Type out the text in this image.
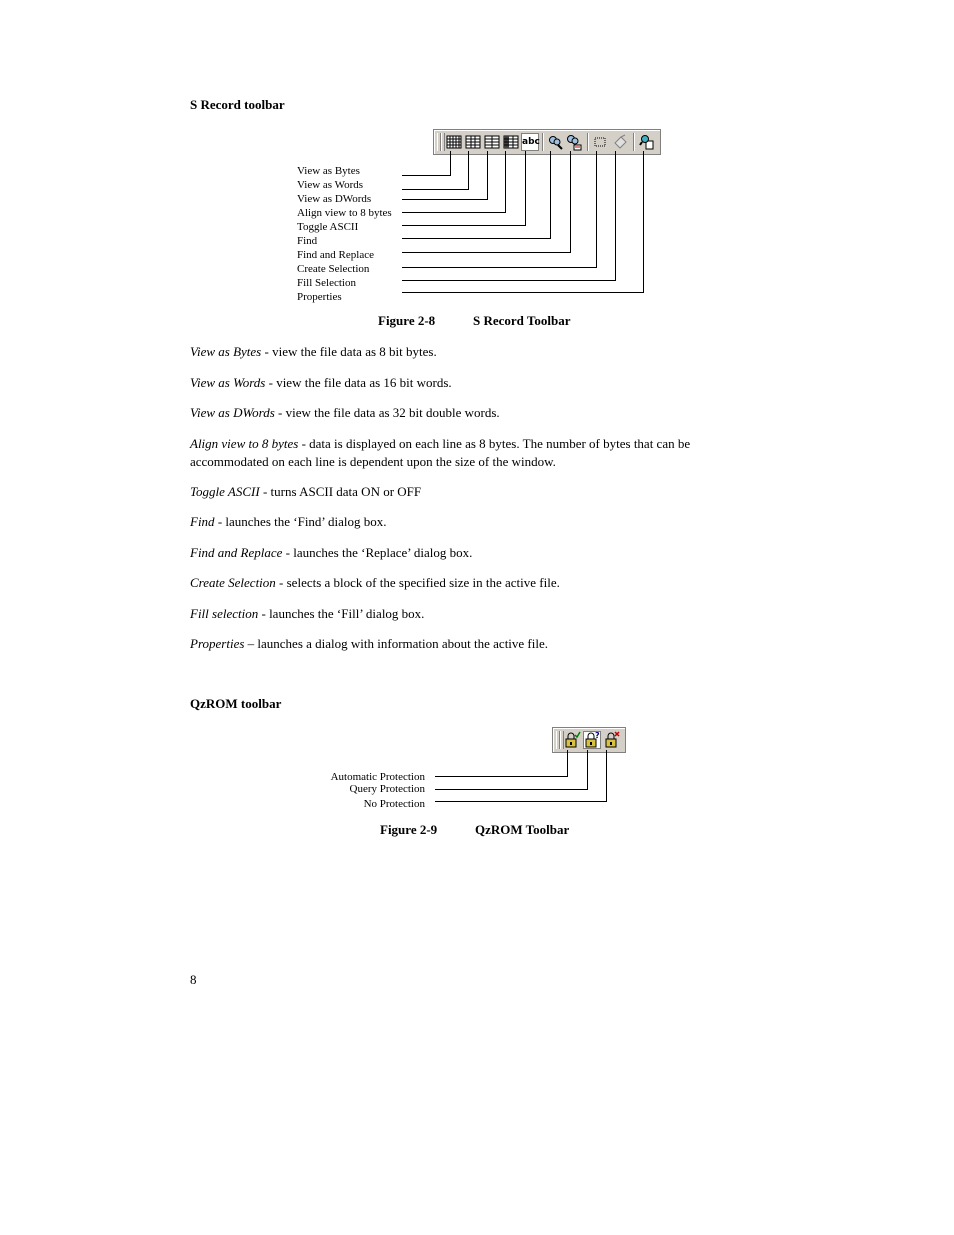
S Record toolbar
abc
View as Bytes
View as Words
View as DWords
Align view to 8 bytes
Toggle ASCII
Find
Find and Replace
Create Selection
Fill Selection
Properties
Figure 2-8	S Record Toolbar
View as Bytes - view the file data as 8 bit bytes.
View as Words - view the file data as 16 bit words.
View as DWords - view the file data as 32 bit double words.
Align view to 8 bytes - data is displayed on each line as 8 bytes. The number of bytes that can be accommodated on each line is dependent upon the size of the window.
Toggle ASCII - turns ASCII data ON or OFF
Find - launches the ‘Find’ dialog box.
Find and Replace - launches the ‘Replace’ dialog box.
Create Selection - selects a block of the specified size in the active file.
Fill selection - launches the ‘Fill’ dialog box.
Properties – launches a dialog with information about the active file.
QzROM toolbar
?
Automatic Protection
Query Protection
No Protection
Figure 2-9	QzROM Toolbar
8
